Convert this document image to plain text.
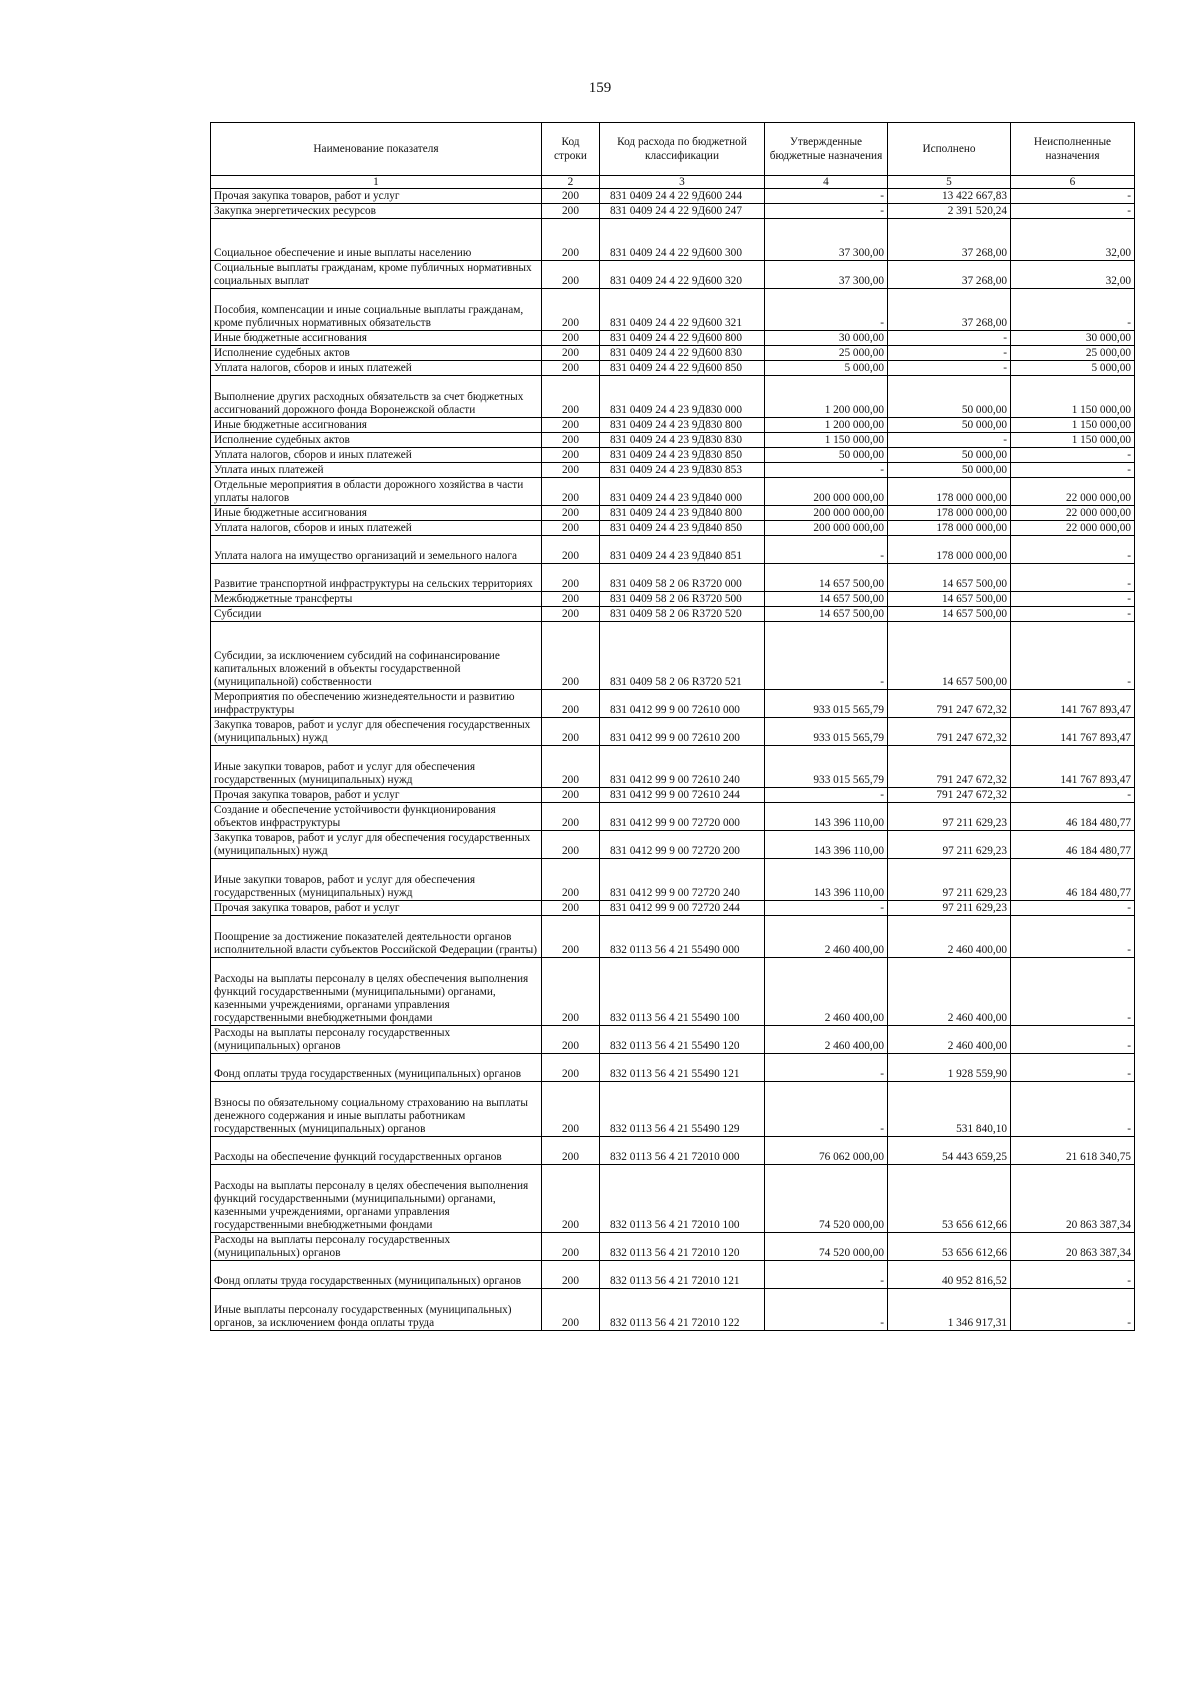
159
Наименование показателя	Код строки	Код расхода по бюджетной классификации	Утвержденные бюджетные назначения	Исполнено	Неисполненные назначения
1	2	3	4	5	6
Прочая закупка товаров, работ и услуг	200	831 0409 24 4 22 9Д600 244	-	13 422 667,83	-
Закупка энергетических ресурсов	200	831 0409 24 4 22 9Д600 247	-	2 391 520,24	-
Социальное обеспечение и иные выплаты населению	200	831 0409 24 4 22 9Д600 300	37 300,00	37 268,00	32,00
Социальные выплаты гражданам, кроме публичных нормативных социальных выплат	200	831 0409 24 4 22 9Д600 320	37 300,00	37 268,00	32,00
Пособия, компенсации и иные социальные выплаты гражданам, кроме публичных нормативных обязательств	200	831 0409 24 4 22 9Д600 321	-	37 268,00	-
Иные бюджетные ассигнования	200	831 0409 24 4 22 9Д600 800	30 000,00	-	30 000,00
Исполнение судебных актов	200	831 0409 24 4 22 9Д600 830	25 000,00	-	25 000,00
Уплата налогов, сборов и иных платежей	200	831 0409 24 4 22 9Д600 850	5 000,00	-	5 000,00
Выполнение других расходных обязательств за счет бюджетных ассигнований дорожного фонда Воронежской области	200	831 0409 24 4 23 9Д830 000	1 200 000,00	50 000,00	1 150 000,00
Иные бюджетные ассигнования	200	831 0409 24 4 23 9Д830 800	1 200 000,00	50 000,00	1 150 000,00
Исполнение судебных актов	200	831 0409 24 4 23 9Д830 830	1 150 000,00	-	1 150 000,00
Уплата налогов, сборов и иных платежей	200	831 0409 24 4 23 9Д830 850	50 000,00	50 000,00	-
Уплата иных платежей	200	831 0409 24 4 23 9Д830 853	-	50 000,00	-
Отдельные мероприятия в области дорожного хозяйства в части уплаты налогов	200	831 0409 24 4 23 9Д840 000	200 000 000,00	178 000 000,00	22 000 000,00
Иные бюджетные ассигнования	200	831 0409 24 4 23 9Д840 800	200 000 000,00	178 000 000,00	22 000 000,00
Уплата налогов, сборов и иных платежей	200	831 0409 24 4 23 9Д840 850	200 000 000,00	178 000 000,00	22 000 000,00
Уплата налога на имущество организаций и земельного налога	200	831 0409 24 4 23 9Д840 851	-	178 000 000,00	-
Развитие транспортной инфраструктуры на сельских территориях	200	831 0409 58 2 06 R3720 000	14 657 500,00	14 657 500,00	-
Межбюджетные трансферты	200	831 0409 58 2 06 R3720 500	14 657 500,00	14 657 500,00	-
Субсидии	200	831 0409 58 2 06 R3720 520	14 657 500,00	14 657 500,00	-
Субсидии, за исключением субсидий на софинансирование капитальных вложений в объекты государственной (муниципальной) собственности	200	831 0409 58 2 06 R3720 521	-	14 657 500,00	-
Мероприятия по обеспечению жизнедеятельности и развитию инфраструктуры	200	831 0412 99 9 00 72610 000	933 015 565,79	791 247 672,32	141 767 893,47
Закупка товаров, работ и услуг для обеспечения государственных (муниципальных) нужд	200	831 0412 99 9 00 72610 200	933 015 565,79	791 247 672,32	141 767 893,47
Иные закупки товаров, работ и услуг для обеспечения государственных (муниципальных) нужд	200	831 0412 99 9 00 72610 240	933 015 565,79	791 247 672,32	141 767 893,47
Прочая закупка товаров, работ и услуг	200	831 0412 99 9 00 72610 244	-	791 247 672,32	-
Создание и обеспечение устойчивости функционирования объектов инфраструктуры	200	831 0412 99 9 00 72720 000	143 396 110,00	97 211 629,23	46 184 480,77
Закупка товаров, работ и услуг для обеспечения государственных (муниципальных) нужд	200	831 0412 99 9 00 72720 200	143 396 110,00	97 211 629,23	46 184 480,77
Иные закупки товаров, работ и услуг для обеспечения государственных (муниципальных) нужд	200	831 0412 99 9 00 72720 240	143 396 110,00	97 211 629,23	46 184 480,77
Прочая закупка товаров, работ и услуг	200	831 0412 99 9 00 72720 244	-	97 211 629,23	-
Поощрение за достижение показателей деятельности органов исполнительной власти субъектов Российской Федерации (гранты)	200	832 0113 56 4 21 55490 000	2 460 400,00	2 460 400,00	-
Расходы на выплаты персоналу в целях обеспечения выполнения функций государственными (муниципальными) органами, казенными учреждениями, органами управления государственными внебюджетными фондами	200	832 0113 56 4 21 55490 100	2 460 400,00	2 460 400,00	-
Расходы на выплаты персоналу государственных (муниципальных) органов	200	832 0113 56 4 21 55490 120	2 460 400,00	2 460 400,00	-
Фонд оплаты труда государственных (муниципальных) органов	200	832 0113 56 4 21 55490 121	-	1 928 559,90	-
Взносы по обязательному социальному страхованию на выплаты денежного содержания и иные выплаты работникам государственных (муниципальных) органов	200	832 0113 56 4 21 55490 129	-	531 840,10	-
Расходы на обеспечение функций государственных органов	200	832 0113 56 4 21 72010 000	76 062 000,00	54 443 659,25	21 618 340,75
Расходы на выплаты персоналу в целях обеспечения выполнения функций государственными (муниципальными) органами, казенными учреждениями, органами управления государственными внебюджетными фондами	200	832 0113 56 4 21 72010 100	74 520 000,00	53 656 612,66	20 863 387,34
Расходы на выплаты персоналу государственных (муниципальных) органов	200	832 0113 56 4 21 72010 120	74 520 000,00	53 656 612,66	20 863 387,34
Фонд оплаты труда государственных (муниципальных) органов	200	832 0113 56 4 21 72010 121	-	40 952 816,52	-
Иные выплаты персоналу государственных (муниципальных) органов, за исключением фонда оплаты труда	200	832 0113 56 4 21 72010 122	-	1 346 917,31	-
